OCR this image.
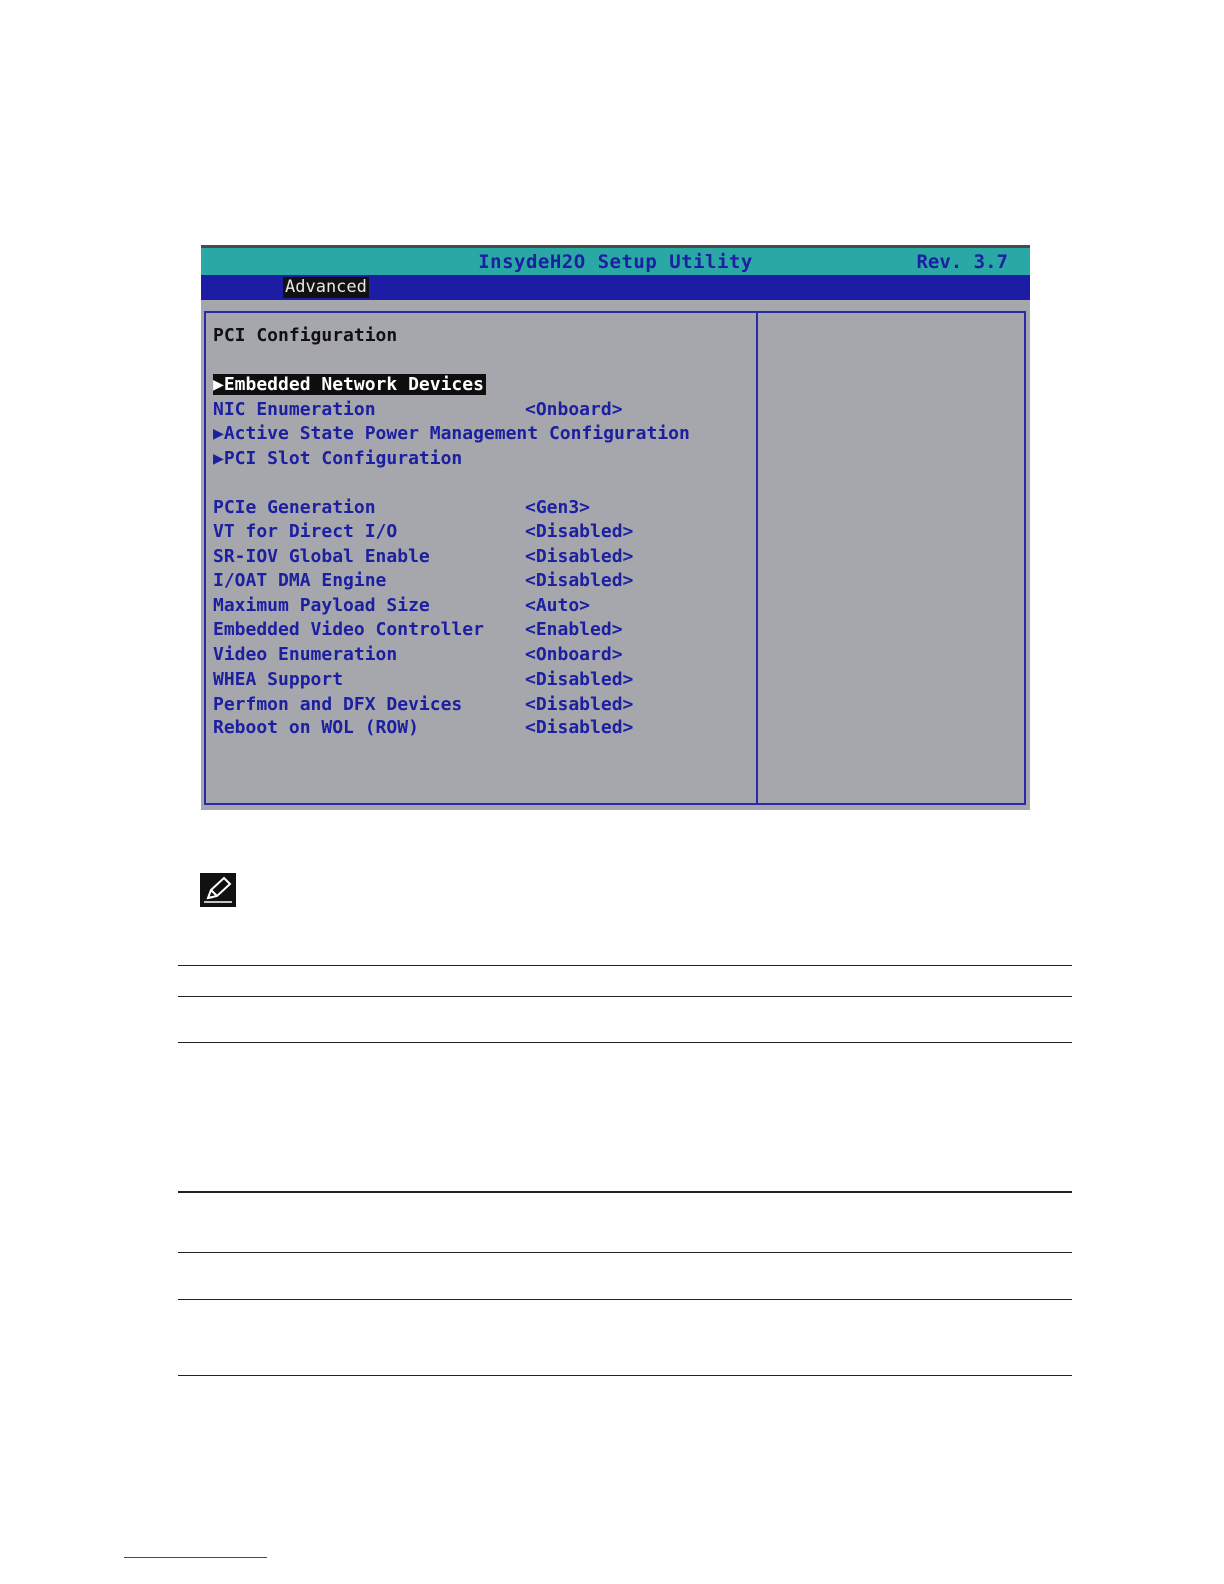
InsydeH2O Setup Utility	Rev. 3.7
Advanced
PCI Configuration
▶Embedded Network Devices
NIC Enumeration	<Onboard>
▶Active State Power Management Configuration
▶PCI Slot Configuration
PCIe Generation	<Gen3>
VT for Direct I/O	<Disabled>
SR-IOV Global Enable	<Disabled>
I/OAT DMA Engine	<Disabled>
Maximum Payload Size	<Auto>
Embedded Video Controller <Enabled>
Video Enumeration	<Onboard>
WHEA Support	<Disabled>
Perfmon and DFX Devices	<Disabled>
Reboot on WOL (ROW)	<Disabled>
